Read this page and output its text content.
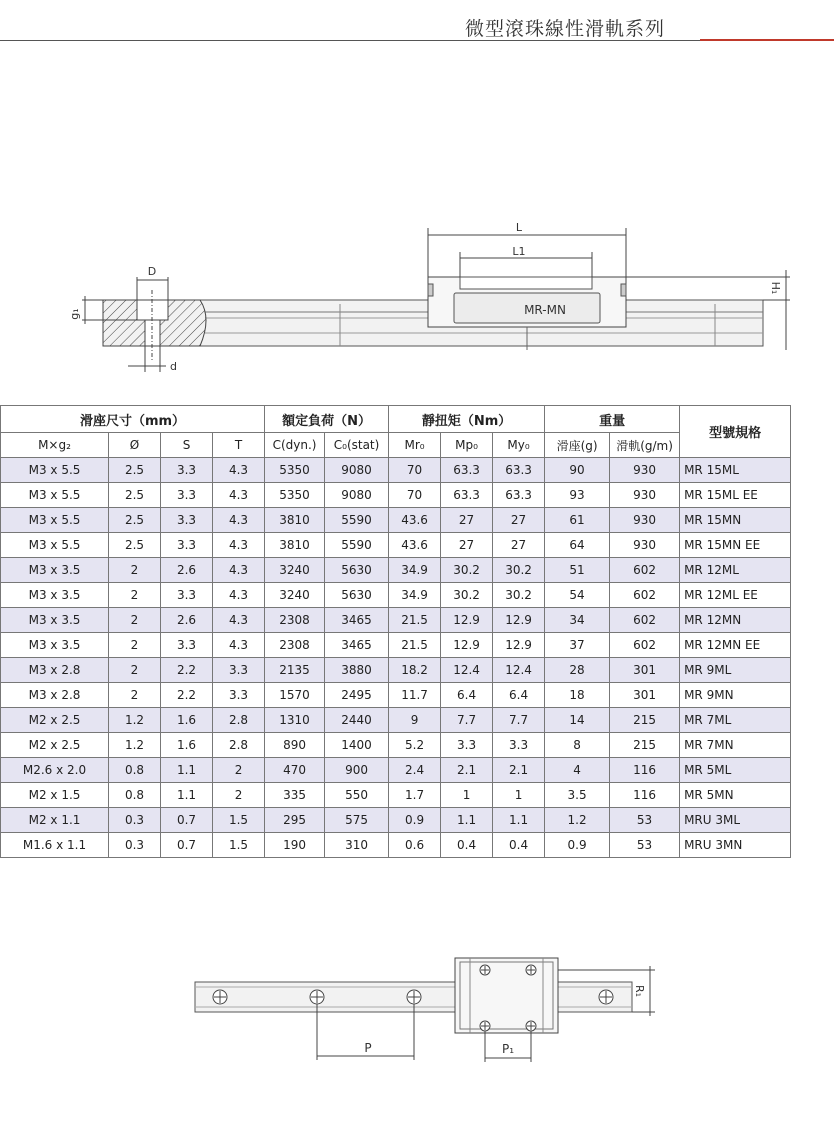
微型滾珠線性滑軌系列
MR-MN
L
L1
D
d
g₁
H₁
滑座尺寸（mm）				額定負荷（N）		靜扭矩（Nm）			重量		型號規格
M×g₂	Ø	S	T	C(dyn.)	C₀(stat)	Mr₀	Mp₀	My₀	滑座(g)	滑軌(g/m)	
M3 x 5.5	2.5	3.3	4.3	5350	9080	70	63.3	63.3	90	930	MR 15ML
M3 x 5.5	2.5	3.3	4.3	5350	9080	70	63.3	63.3	93	930	MR 15ML EE
M3 x 5.5	2.5	3.3	4.3	3810	5590	43.6	27	27	61	930	MR 15MN
M3 x 5.5	2.5	3.3	4.3	3810	5590	43.6	27	27	64	930	MR 15MN EE
M3 x 3.5	2	2.6	4.3	3240	5630	34.9	30.2	30.2	51	602	MR 12ML
M3 x 3.5	2	3.3	4.3	3240	5630	34.9	30.2	30.2	54	602	MR 12ML EE
M3 x 3.5	2	2.6	4.3	2308	3465	21.5	12.9	12.9	34	602	MR 12MN
M3 x 3.5	2	3.3	4.3	2308	3465	21.5	12.9	12.9	37	602	MR 12MN EE
M3 x 2.8	2	2.2	3.3	2135	3880	18.2	12.4	12.4	28	301	MR 9ML
M3 x 2.8	2	2.2	3.3	1570	2495	11.7	6.4	6.4	18	301	MR 9MN
M2 x 2.5	1.2	1.6	2.8	1310	2440	9	7.7	7.7	14	215	MR 7ML
M2 x 2.5	1.2	1.6	2.8	890	1400	5.2	3.3	3.3	8	215	MR 7MN
M2.6 x 2.0	0.8	1.1	2	470	900	2.4	2.1	2.1	4	116	MR 5ML
M2 x 1.5	0.8	1.1	2	335	550	1.7	1	1	3.5	116	MR 5MN
M2 x 1.1	0.3	0.7	1.5	295	575	0.9	1.1	1.1	1.2	53	MRU 3ML
M1.6 x 1.1	0.3	0.7	1.5	190	310	0.6	0.4	0.4	0.9	53	MRU 3MN
P	P₁
R₁
